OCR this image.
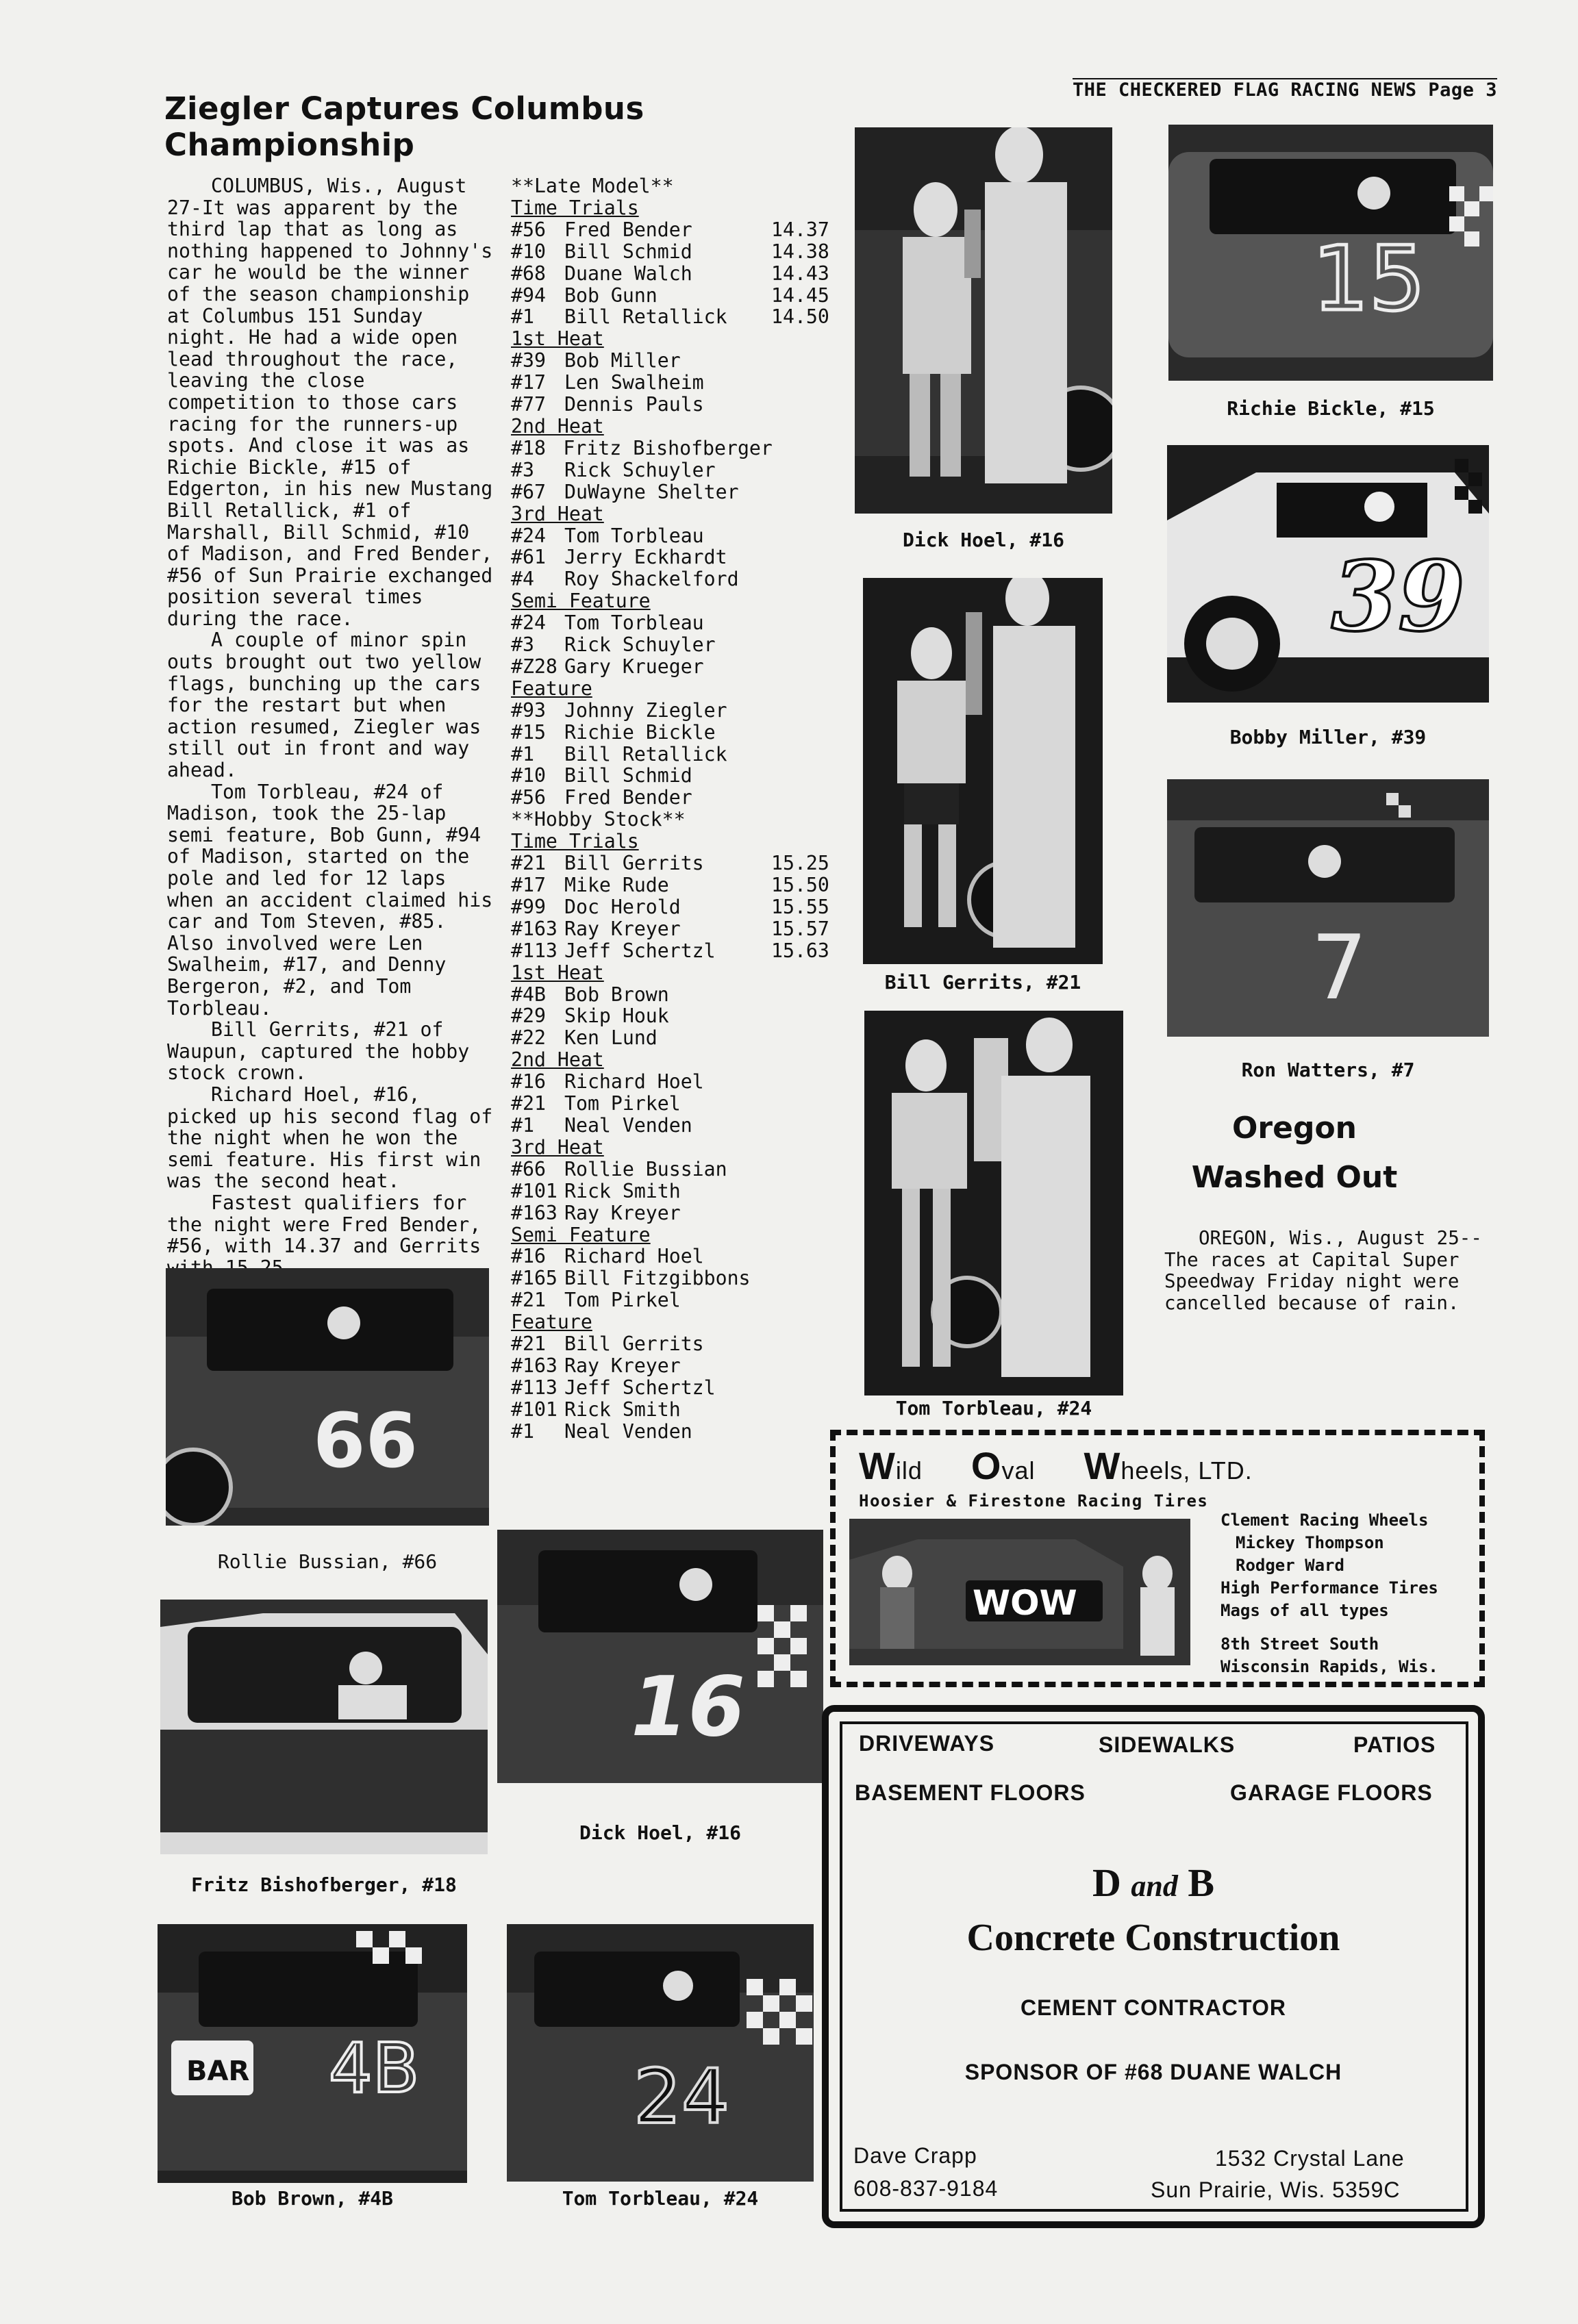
THE CHECKERED FLAG RACING NEWS Page 3
Ziegler Captures Columbus Championship

COLUMBUS, Wis., August 27-It was apparent by the third lap that as long as nothing happened to Johnny's car he would be the winner of the season championship at Columbus 151 Sunday night. He had a wide open lead throughout the race, leaving the close competition to those cars racing for the runners-up spots. And close it was as Richie Bickle, #15 of Edgerton, in his new Mustang Bill Retallick, #1 of Marshall, Bill Schmid, #10 of Madison, and Fred Bender, #56 of Sun Prairie exchanged position several times during the race.

A couple of minor spin outs brought out two yellow flags, bunching up the cars for the restart but when action resumed, Ziegler was still out in front and way ahead.

Tom Torbleau, #24 of Madison, took the 25-lap semi feature, Bob Gunn, #94 of Madison, started on the pole and led for 12 laps when an accident claimed his car and Tom Steven, #85. Also involved were Len Swalheim, #17, and Denny Bergeron, #2, and Tom Torbleau.

Bill Gerrits, #21 of Waupun, captured the hobby stock crown.

Richard Hoel, #16, picked up his second flag of the night when he won the semi feature. His first win was the second heat.

Fastest qualifiers for the night were Fred Bender, #56, with 14.37 and Gerrits

**Late Model**
Time Trials
#56 Fred Bender	14.37
#10 Bill Schmid	14.38
#68 Duane Walch	14.43
#94 Bob Gunn	14.45
#1	Bill Retallick	14.50
1st Heat
#39 Bob Miller
#17 Len Swalheim
#77 Dennis Pauls
2nd Heat
#18 Fritz Bishofberger
#3	Rick Schuyler
#67 DuWayne Shelter
3rd Heat
#24 Tom Torbleau
#61 Jerry Eckhardt
#4	Roy Shackelford
Semi Feature
#24 Tom Torbleau
#3	Rick Schuyler
#Z28 Gary Krueger
Feature
#93 Johnny Ziegler
#15 Richie Bickle
#1	Bill Retallick
#10 Bill Schmid
#56 Fred Bender
**Hobby Stock**
Time Trials
#21 Bill Gerrits	15.25
#17 Mike Rude	15.50
#99 Doc Herold	15.55
#163 Ray Kreyer	15.57
#113 Jeff Schertzl	15.63
1st Heat
#4B Bob Brown
#29 Skip Houk
#22 Ken Lund
2nd Heat
#16 Richard Hoel
#21 Tom Pirkel
#1	Neal Venden
3rd Heat
#66 Rollie Bussian
#101 Rick Smith
#163 Ray Kreyer
Semi Feature
#16 Richard Hoel
#165 Bill Fitzgibbons
#21 Tom Pirkel
Feature
#21 Bill Gerrits
#163 Ray Kreyer
#113 Jeff Schertzl
#101 Rick Smith
#1	Neal Venden
Dick Hoel, #16
15
Richie Bickle, #15
39
Bobby Miller, #39
Bill Gerrits, #21	7
Ron Watters, #7
Tom Torbleau, #24
66
Rollie Bussian, #66
Fritz Bishofberger, #18
16
Dick Hoel, #16
BAR 4B
Bob Brown, #4B
24
Tom Torbleau, #24
Oregon
Washed Out

OREGON, Wis., August 25--The races at Capital Super Speedway Friday night were cancelled because of rain.

Wild Oval Wheels, LTD.
Hoosier & Firestone Racing Tires
WOW
Clement Racing Wheels
Mickey Thompson
Rodger Ward
High Performance Tires
Mags of all types
8th Street South
Wisconsin Rapids, Wis.
DRIVEWAYS	SIDEWALKS	PATIOS
BASEMENT FLOORS	GARAGE FLOORS
D and B
Concrete Construction
CEMENT CONTRACTOR
SPONSOR OF #68 DUANE WALCH
Dave Crapp
608-837-9184
1532 Crystal Lane
Sun Prairie, Wis. 5359C
